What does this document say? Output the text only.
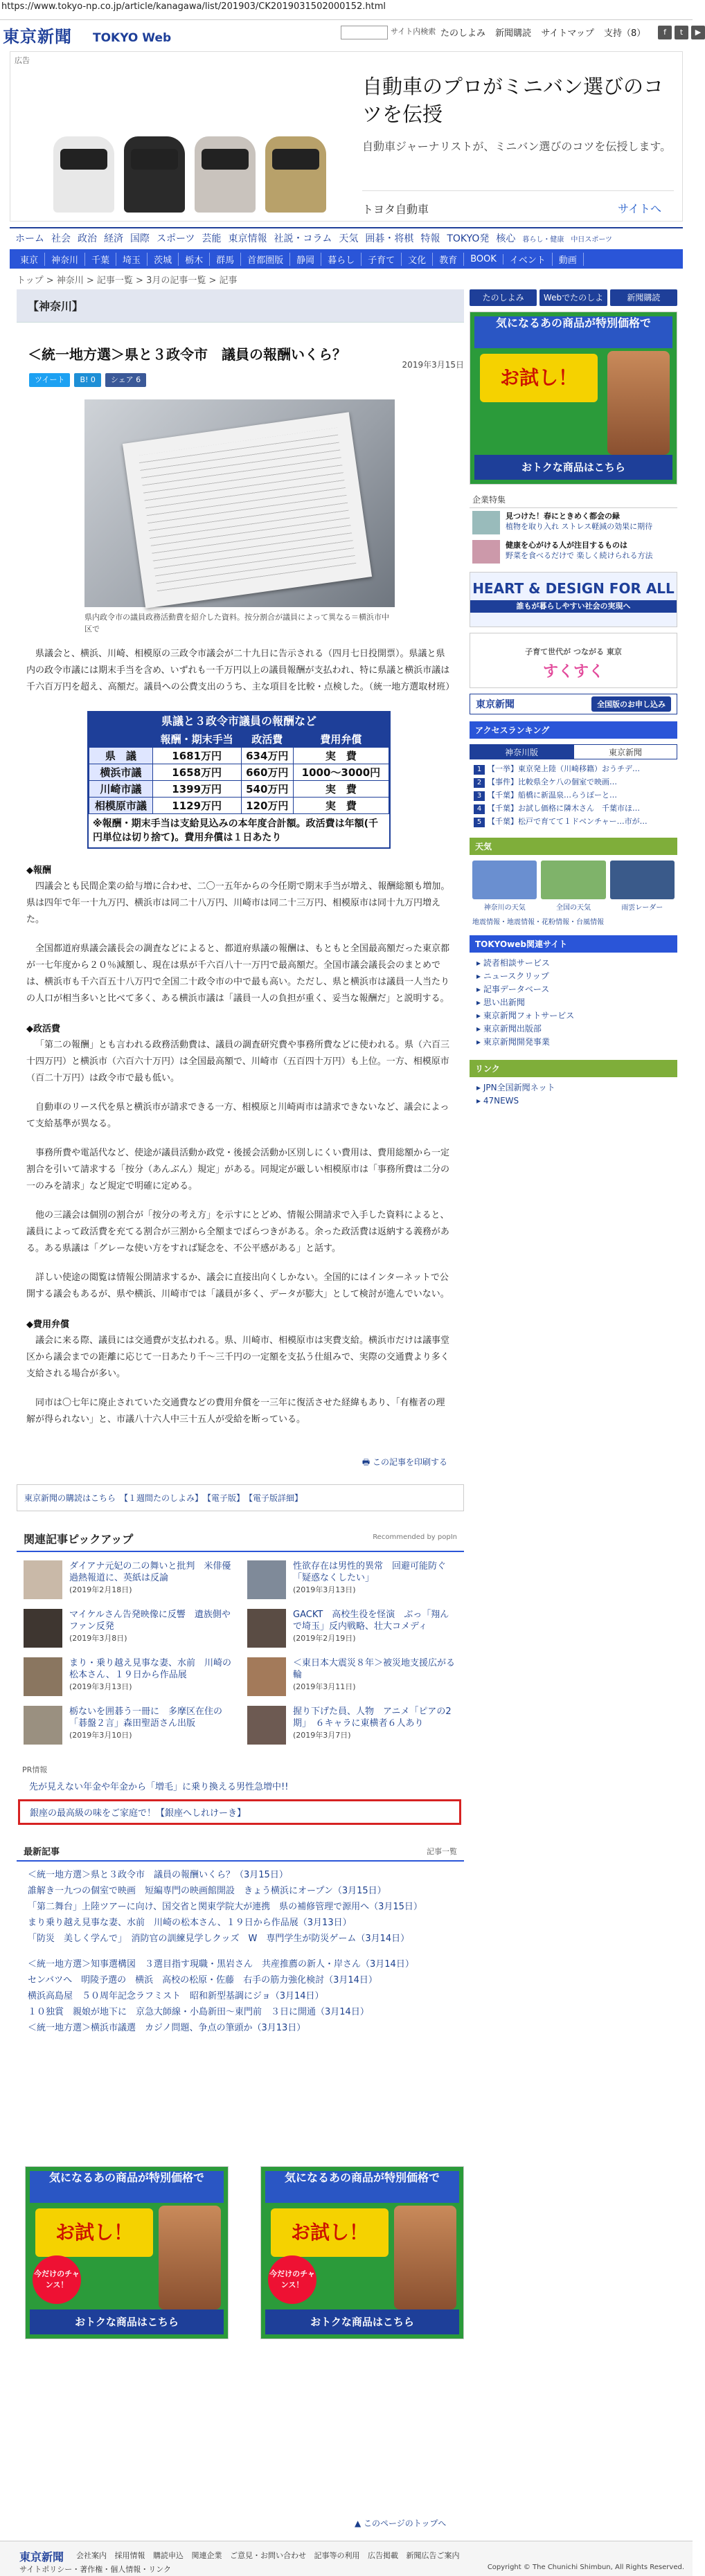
https://www.tokyo-np.co.jp/article/kanagawa/list/201903/CK2019031502000152.html
東京新聞 TOKYO Web	サイト内検索 たのしよみ 新聞購読 サイトマップ 支持（8）	f	t	▶
広告
自動車のプロがミニバン選びのコツを伝授
自動車ジャーナリストが、ミニバン選びのコツを伝授します。
トヨタ自動車	サイトへ
ホーム 社会 政治 経済 国際 スポーツ 芸能 東京情報 社説・コラム 天気 囲碁・将棋 特報 TOKYO発 核心 暮らし・健康 中日スポーツ
東京	神奈川	千葉	埼玉	茨城	栃木	群馬	首都圏版	静岡	暮らし	子育て	文化	教育	BOOK	イベント	動画
トップ > 神奈川 > 記事一覧 > 3月の記事一覧 > 記事
【神奈川】
＜統一地方選＞県と３政令市　議員の報酬いくら？
ツイート	B! 0	シェア 6
2019年3月15日
県内政令市の議員政務活動費を紹介した資料。按分割合が議員によって異なる＝横浜市中区で

県議会と、横浜、川崎、相模原の三政令市議会が二十九日に告示される（四月七日投開票）。県議と県内の政令市議には期末手当を含め、いずれも一千万円以上の議員報酬が支払われ、特に県議と横浜市議は千六百万円を超え、高額だ。議員への公費支出のうち、主な項目を比較・点検した。（統一地方選取材班）

県議と３政令市議員の報酬など
	報酬・期末手当	政活費	費用弁償
県　議	1681万円	634万円	実　費
横浜市議	1658万円	660万円	1000～3000円
川崎市議	1399万円	540万円	実　費
相模原市議	1129万円	120万円	実　費
※報酬・期末手当は支給見込みの本年度合計額。政活費は年額(千円単位は切り捨て)。費用弁償は１日あたり
◆報酬

四議会とも民間企業の給与増に合わせ、二〇一五年からの今任期で期末手当が増え、報酬総額も増加。県は四年で年一十九万円、横浜市は同二十八万円、川崎市は同二十三万円、相模原市は同十九万円増えた。

全国都道府県議会議長会の調査などによると、都道府県議の報酬は、もともと全国最高額だった東京都が一七年度から２０％減額し、現在は県が千六百八十一万円で最高額だ。全国市議会議長会のまとめでは、横浜市も千六百五十八万円で全国二十政令市の中で最も高い。ただし、県と横浜市は議員一人当たりの人口が相当多いと比べて多く、ある横浜市議は「議員一人の負担が重く、妥当な報酬だ」と説明する。

◆政活費

「第二の報酬」とも言われる政務活動費は、議員の調査研究費や事務所費などに使われる。県（六百三十四万円）と横浜市（六百六十万円）は全国最高額で、川崎市（五百四十万円）も上位。一方、相模原市（百二十万円）は政令市で最も低い。

自動車のリース代を県と横浜市が請求できる一方、相模原と川崎両市は請求できないなど、議会によって支給基準が異なる。

事務所費や電話代など、使途が議員活動か政党・後援会活動か区別しにくい費用は、費用総額から一定割合を引いて請求する「按分（あんぶん）規定」がある。同規定が厳しい相模原市は「事務所費は二分の一のみを請求」など規定で明確に定める。

他の三議会は個別の割合が「按分の考え方」を示すにとどめ、情報公開請求で入手した資料によると、議員によって政活費を充てる割合が三割から全額までばらつきがある。余った政活費は返納する義務がある。ある県議は「グレーな使い方をすれば疑念を、不公平感がある」と話す。

詳しい使途の閲覧は情報公開請求するか、議会に直接出向くしかない。全国的にはインターネットで公開する議会もあるが、県や横浜、川崎市では「議員が多く、データが膨大」として検討が進んでいない。

◆費用弁償

議会に来る際、議員には交通費が支払われる。県、川崎市、相模原市は実費支給。横浜市だけは議事堂区から議会までの距離に応じて一日あたり千～三千円の一定額を支払う仕組みで、実際の交通費より多く支給される場合が多い。

同市は〇七年に廃止されていた交通費などの費用弁償を一三年に復活させた経緯もあり、「有権者の理解が得られない」と、市議八十六人中三十五人が受給を断っている。

🖶 この記事を印刷する
東京新聞の購読はこちら　【１週間たのしよみ】　【電子版】　【電子版詳細】
関連記事ピックアップ	Recommended by popIn
ダイアナ元妃の二の舞いと批判　米俳優過熱報道に、英紙は反論
(2019年2月18日)
性欲存在は男性的異常　回避可能防ぐ「疑惑なくしたい」
(2019年3月13日)
マイケルさん告発映像に反響　遺族側や ファン反発
(2019年3月8日)
GACKT　高校生役を怪演　ぶっ「翔んで埼玉」反内戦略、壮大コメディ
(2019年2月19日)
まり・乗り越え見事な妻、水前　川崎の松本さん、１９日から作品展
(2019年3月13日)
＜東日本大震災８年＞被災地支援広がる輪
(2019年3月11日)
栃ないを囲碁う一冊に　多摩区在住の「碁盤２言」森田聖語さん出版
(2019年3月10日)
握り下げた員、人物　アニメ「ピアの2期」　６キャラに東横者６人あり
(2019年3月7日)
PR情報
先が見えない年金や年金から「増毛」に乗り換える男性急増中!!
銀座の最高級の味をご家庭で！【銀座へしれけーき】
最新記事	記事一覧
＜統一地方選＞県と３政令市　議員の報酬いくら？（3月15日）
誰解き一九つの個室で映画　短編専門の映画館開設　きょう横浜にオープン（3月15日）
「第二舞台」上陸ツアーに向け、国交省と関東学院大が連携　県の補修管理で源用へ（3月15日）
まり乗り越え見事な妻、水前　川崎の松本さん、１９日から作品展（3月13日）
「防災　美しく学んで」　消防官の訓練見学しクッズ　W　専門学生が防災ゲーム（3月14日）
＜統一地方選＞知事選構図　３選目指す現職・黒岩さん　共産推薦の新人・岸さん（3月14日）
センバツへ　明陵予選の　横浜　高校の松原・佐藤　右手の筋力強化検討（3月14日）
横浜高島屋　５０周年記念ラフミスト　昭和新型基調にジョ（3月14日）
１０独賞　親娘が地下に　京急大師線・小島新田～東門前　３日に開通（3月14日）
＜統一地方選＞横浜市議選　カジノ問題、争点の筆頭か（3月13日）
気になるあの商品が特別価格で
お試し！
今だけのチャンス！
おトクな商品はこちら
気になるあの商品が特別価格で
お試し！
今だけのチャンス！
おトクな商品はこちら
▲ このページのトップへ
たのしよみ	Webでたのしよ	新聞購読
気になるあの商品が特別価格で
お試し！
おトクな商品はこちら
企業特集
見つけた！春にときめく都会の緑
植物を取り入れ ストレス軽減の効果に期待
健康を心がける人が注目するものは
野菜を食べるだけで 楽しく続けられる方法
HEART & DESIGN FOR ALL
誰もが暮らしやすい社会の実現へ
子育て世代が つながる 東京
すくすく
東京新聞	全国版のお申し込み
アクセスランキング
神奈川版	東京新聞
1 【一挙】東京発上陸（川崎移籍）おうチデ…
2 【事件】比較県全ケ八の個室で映画…
3 【千葉】船橋に新温泉…らうぽーと…
4 【千葉】お試し価格に隣木さん　千葉市ほ…
5 【千葉】松戸で育てて１ドベンチャー…市が…
天気
神奈川の天気	全国の天気	雨雲レーダー
地震情報・地震情報・花粉情報・台風情報
TOKYOweb関連サイト
▸ 読者相談サービス
▸ ニュースクリップ
▸ 記事データベース
▸ 思い出新聞
▸ 東京新聞フォトサービス
▸ 東京新聞出版部
▸ 東京新聞開発事業
リンク
▸ JPN全国新聞ネット
▸ 47NEWS
東京新聞 会社案内 採用情報 購読申込 関連企業 ご意見・お問い合わせ 記事等の利用 広告掲載 新聞広告ご案内
サイトポリシー・著作権・個人情報・リンク	Copyright © The Chunichi Shimbun, All Rights Reserved.
